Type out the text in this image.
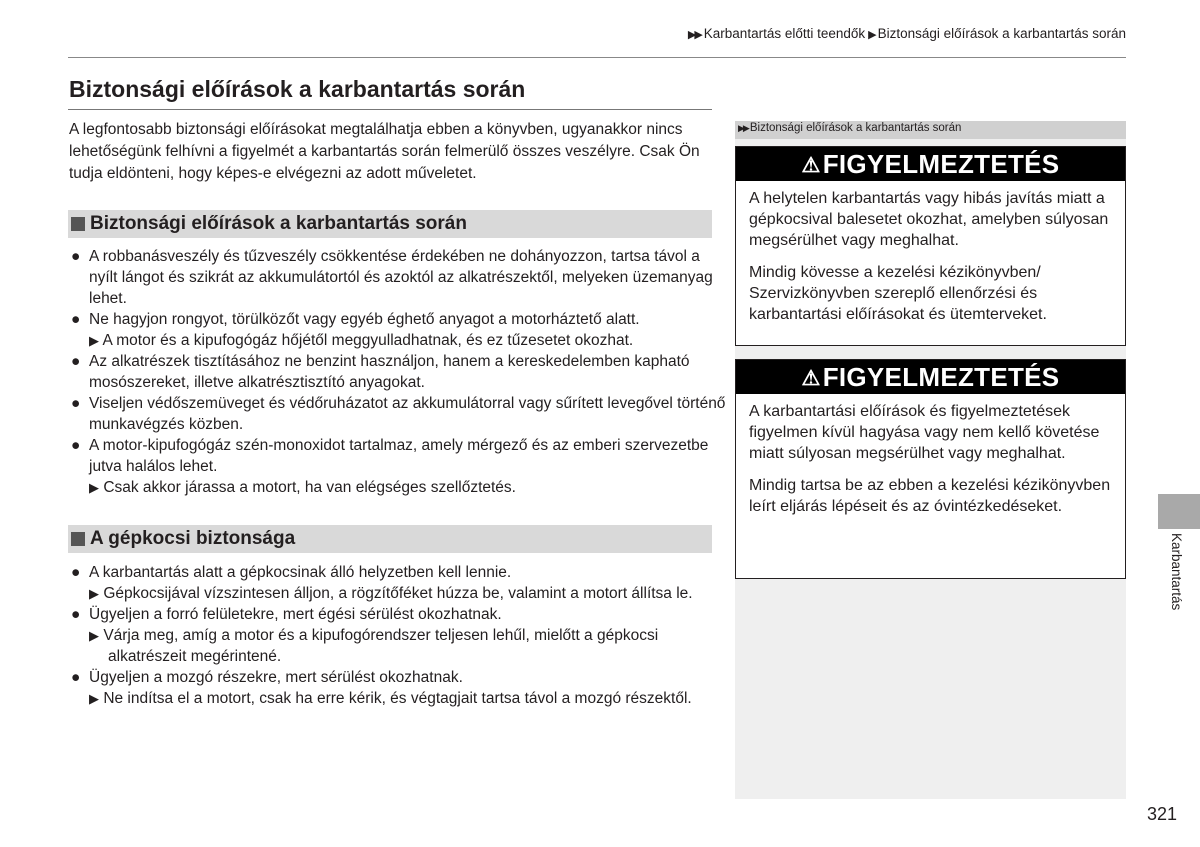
▶▶ Karbantartás előtti teendők ▶ Biztonsági előírások a karbantartás során
Biztonsági előírások a karbantartás során
A legfontosabb biztonsági előírásokat megtalálhatja ebben a könyvben, ugyanakkor nincs lehetőségünk felhívni a figyelmét a karbantartás során felmerülő összes veszélyre. Csak Ön tudja eldönteni, hogy képes-e elvégezni az adott műveletet.
Biztonsági előírások a karbantartás során
● A robbanásveszély és tűzveszély csökkentése érdekében ne dohányozzon, tartsa távol a nyílt lángot és szikrát az akkumulátortól és azoktól az alkatrészektől, melyeken üzemanyag lehet.
● Ne hagyjon rongyot, törülközőt vagy egyéb éghető anyagot a motorháztető alatt.
▶ A motor és a kipufogógáz hőjétől meggyulladhatnak, és ez tűzesetet okozhat.
● Az alkatrészek tisztításához ne benzint használjon, hanem a kereskedelemben kapható mosószereket, illetve alkatrésztisztító anyagokat.
● Viseljen védőszemüveget és védőruházatot az akkumulátorral vagy sűrített levegővel történő munkavégzés közben.
● A motor-kipufogógáz szén-monoxidot tartalmaz, amely mérgező és az emberi szervezetbe jutva halálos lehet.
▶ Csak akkor járassa a motort, ha van elégséges szellőztetés.
A gépkocsi biztonsága
● A karbantartás alatt a gépkocsinak álló helyzetben kell lennie.
▶ Gépkocsijával vízszintesen álljon, a rögzítőféket húzza be, valamint a motort állítsa le.
● Ügyeljen a forró felületekre, mert égési sérülést okozhatnak.
▶ Várja meg, amíg a motor és a kipufogórendszer teljesen lehűl, mielőtt a gépkocsi alkatrészeit megérintené.
● Ügyeljen a mozgó részekre, mert sérülést okozhatnak.
▶ Ne indítsa el a motort, csak ha erre kérik, és végtagjait tartsa távol a mozgó részektől.
▶▶ Biztonsági előírások a karbantartás során
⚠FIGYELMEZTETÉS

A helytelen karbantartás vagy hibás javítás miatt a gépkocsival balesetet okozhat, amelyben súlyosan megsérülhet vagy meghalhat.

Mindig kövesse a kezelési kézikönyvben/ Szervizkönyvben szereplő ellenőrzési és karbantartási előírásokat és ütemterveket.

⚠FIGYELMEZTETÉS

A karbantartási előírások és figyelmeztetések figyelmen kívül hagyása vagy nem kellő követése miatt súlyosan megsérülhet vagy meghalhat.

Mindig tartsa be az ebben a kezelési kézikönyvben leírt eljárás lépéseit és az óvintézkedéseket.

Karbantartás
321
